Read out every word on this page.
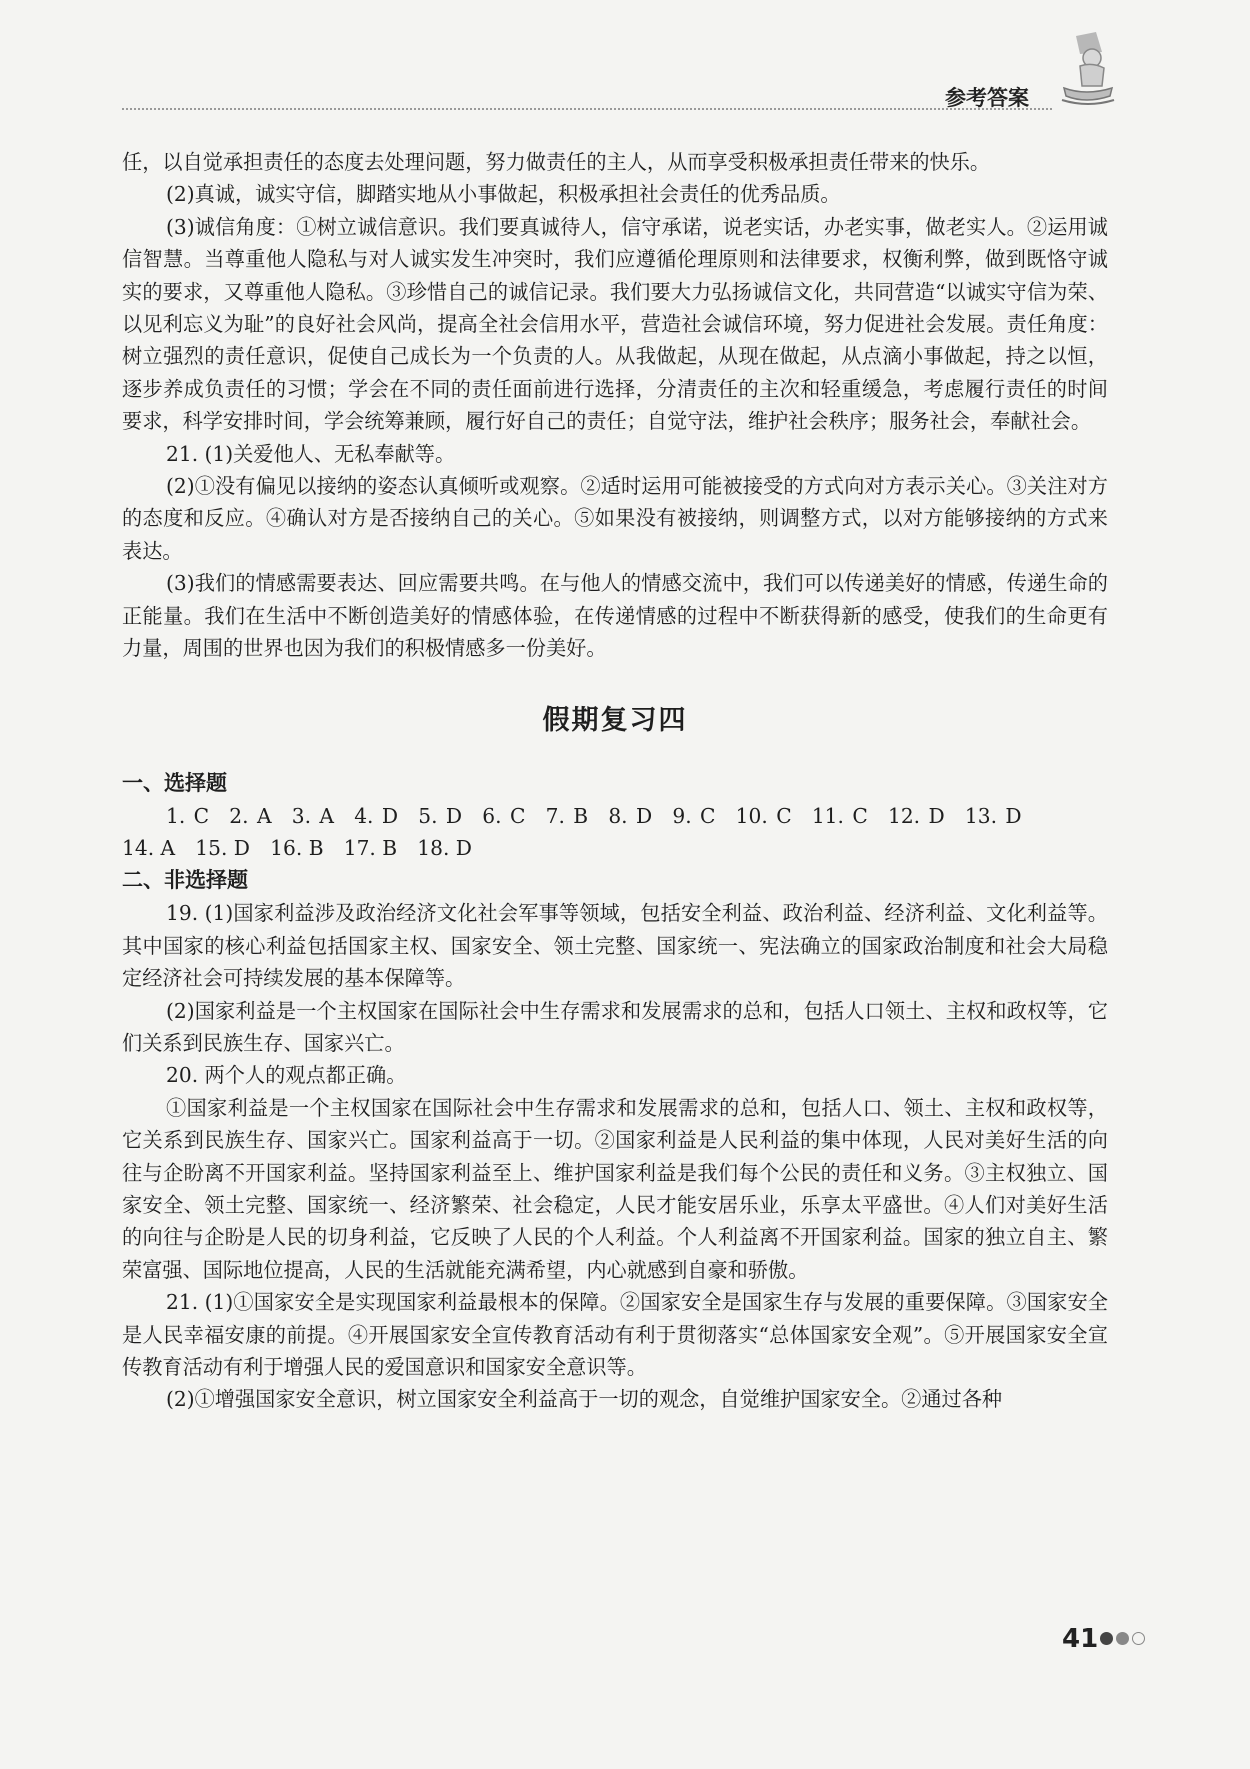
参考答案

任，以自觉承担责任的态度去处理问题，努力做责任的主人，从而享受积极承担责任带来的快乐。

(2)真诚，诚实守信，脚踏实地从小事做起，积极承担社会责任的优秀品质。

(3)诚信角度：①树立诚信意识。我们要真诚待人，信守承诺，说老实话，办老实事，做老实人。②运用诚信智慧。当尊重他人隐私与对人诚实发生冲突时，我们应遵循伦理原则和法律要求，权衡利弊，做到既恪守诚实的要求，又尊重他人隐私。③珍惜自己的诚信记录。我们要大力弘扬诚信文化，共同营造“以诚实守信为荣、以见利忘义为耻”的良好社会风尚，提高全社会信用水平，营造社会诚信环境，努力促进社会发展。责任角度：树立强烈的责任意识，促使自己成长为一个负责的人。从我做起，从现在做起，从点滴小事做起，持之以恒，逐步养成负责任的习惯；学会在不同的责任面前进行选择，分清责任的主次和轻重缓急，考虑履行责任的时间要求，科学安排时间，学会统筹兼顾，履行好自己的责任；自觉守法，维护社会秩序；服务社会，奉献社会。

21. (1)关爱他人、无私奉献等。

(2)①没有偏见以接纳的姿态认真倾听或观察。②适时运用可能被接受的方式向对方表示关心。③关注对方的态度和反应。④确认对方是否接纳自己的关心。⑤如果没有被接纳，则调整方式，以对方能够接纳的方式来表达。

(3)我们的情感需要表达、回应需要共鸣。在与他人的情感交流中，我们可以传递美好的情感，传递生命的正能量。我们在生活中不断创造美好的情感体验，在传递情感的过程中不断获得新的感受，使我们的生命更有力量，周围的世界也因为我们的积极情感多一份美好。

假期复习四
一、选择题

1. C　2. A　3. A　4. D　5. D　6. C　7. B　8. D　9. C　10. C　11. C　12. D　13. D

14. A　15. D　16. B　17. B　18. D

二、非选择题

19. (1)国家利益涉及政治经济文化社会军事等领域，包括安全利益、政治利益、经济利益、文化利益等。其中国家的核心利益包括国家主权、国家安全、领土完整、国家统一、宪法确立的国家政治制度和社会大局稳定经济社会可持续发展的基本保障等。

(2)国家利益是一个主权国家在国际社会中生存需求和发展需求的总和，包括人口领土、主权和政权等，它们关系到民族生存、国家兴亡。

20. 两个人的观点都正确。

①国家利益是一个主权国家在国际社会中生存需求和发展需求的总和，包括人口、领土、主权和政权等，它关系到民族生存、国家兴亡。国家利益高于一切。②国家利益是人民利益的集中体现，人民对美好生活的向往与企盼离不开国家利益。坚持国家利益至上、维护国家利益是我们每个公民的责任和义务。③主权独立、国家安全、领土完整、国家统一、经济繁荣、社会稳定，人民才能安居乐业，乐享太平盛世。④人们对美好生活的向往与企盼是人民的切身利益，它反映了人民的个人利益。个人利益离不开国家利益。国家的独立自主、繁荣富强、国际地位提高，人民的生活就能充满希望，内心就感到自豪和骄傲。

21. (1)①国家安全是实现国家利益最根本的保障。②国家安全是国家生存与发展的重要保障。③国家安全是人民幸福安康的前提。④开展国家安全宣传教育活动有利于贯彻落实“总体国家安全观”。⑤开展国家安全宣传教育活动有利于增强人民的爱国意识和国家安全意识等。

(2)①增强国家安全意识，树立国家安全利益高于一切的观念，自觉维护国家安全。②通过各种

41
